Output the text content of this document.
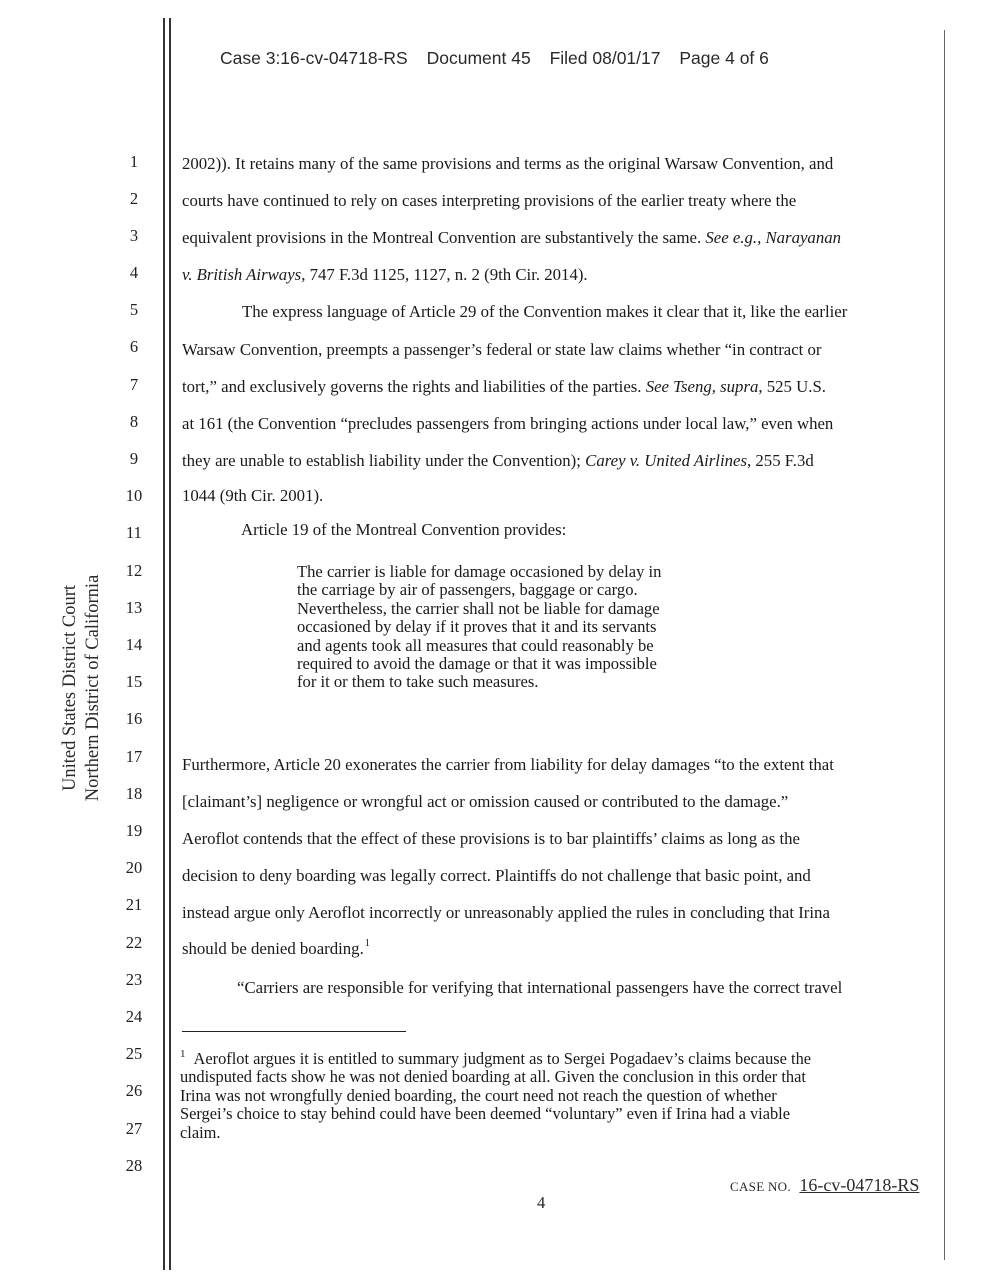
Case 3:16-cv-04718-RS Document 45 Filed 08/01/17 Page 4 of 6
United States District Court Northern District of California
1
2
3
4
5
6
7
8
9
10
11
12
13
14
15
16
17
18
19
20
21
22
23
24
25
26
27
28
2002)). It retains many of the same provisions and terms as the original Warsaw Convention, and
courts have continued to rely on cases interpreting provisions of the earlier treaty where the
equivalent provisions in the Montreal Convention are substantively the same. See e.g., Narayanan
v. British Airways, 747 F.3d 1125, 1127, n. 2 (9th Cir. 2014).
The express language of Article 29 of the Convention makes it clear that it, like the earlier
Warsaw Convention, preempts a passenger’s federal or state law claims whether “in contract or
tort,” and exclusively governs the rights and liabilities of the parties. See Tseng, supra, 525 U.S.
at 161 (the Convention “precludes passengers from bringing actions under local law,” even when
they are unable to establish liability under the Convention); Carey v. United Airlines, 255 F.3d
1044 (9th Cir. 2001).
Article 19 of the Montreal Convention provides:
The carrier is liable for damage occasioned by delay in
the carriage by air of passengers, baggage or cargo.
Nevertheless, the carrier shall not be liable for damage
occasioned by delay if it proves that it and its servants
and agents took all measures that could reasonably be
required to avoid the damage or that it was impossible
for it or them to take such measures.
Furthermore, Article 20 exonerates the carrier from liability for delay damages “to the extent that
[claimant’s] negligence or wrongful act or omission caused or contributed to the damage.”
Aeroflot contends that the effect of these provisions is to bar plaintiffs’ claims as long as the
decision to deny boarding was legally correct. Plaintiffs do not challenge that basic point, and
instead argue only Aeroflot incorrectly or unreasonably applied the rules in concluding that Irina
should be denied boarding.$^1$
“Carriers are responsible for verifying that international passengers have the correct travel
$^1$ Aeroflot argues it is entitled to summary judgment as to Sergei Pogadaev’s claims because the
undisputed facts show he was not denied boarding at all. Given the conclusion in this order that
Irina was not wrongfully denied boarding, the court need not reach the question of whether
Sergei’s choice to stay behind could have been deemed “voluntary” even if Irina had a viable
claim.
CASE NO. 16-cv-04718-RS
4
